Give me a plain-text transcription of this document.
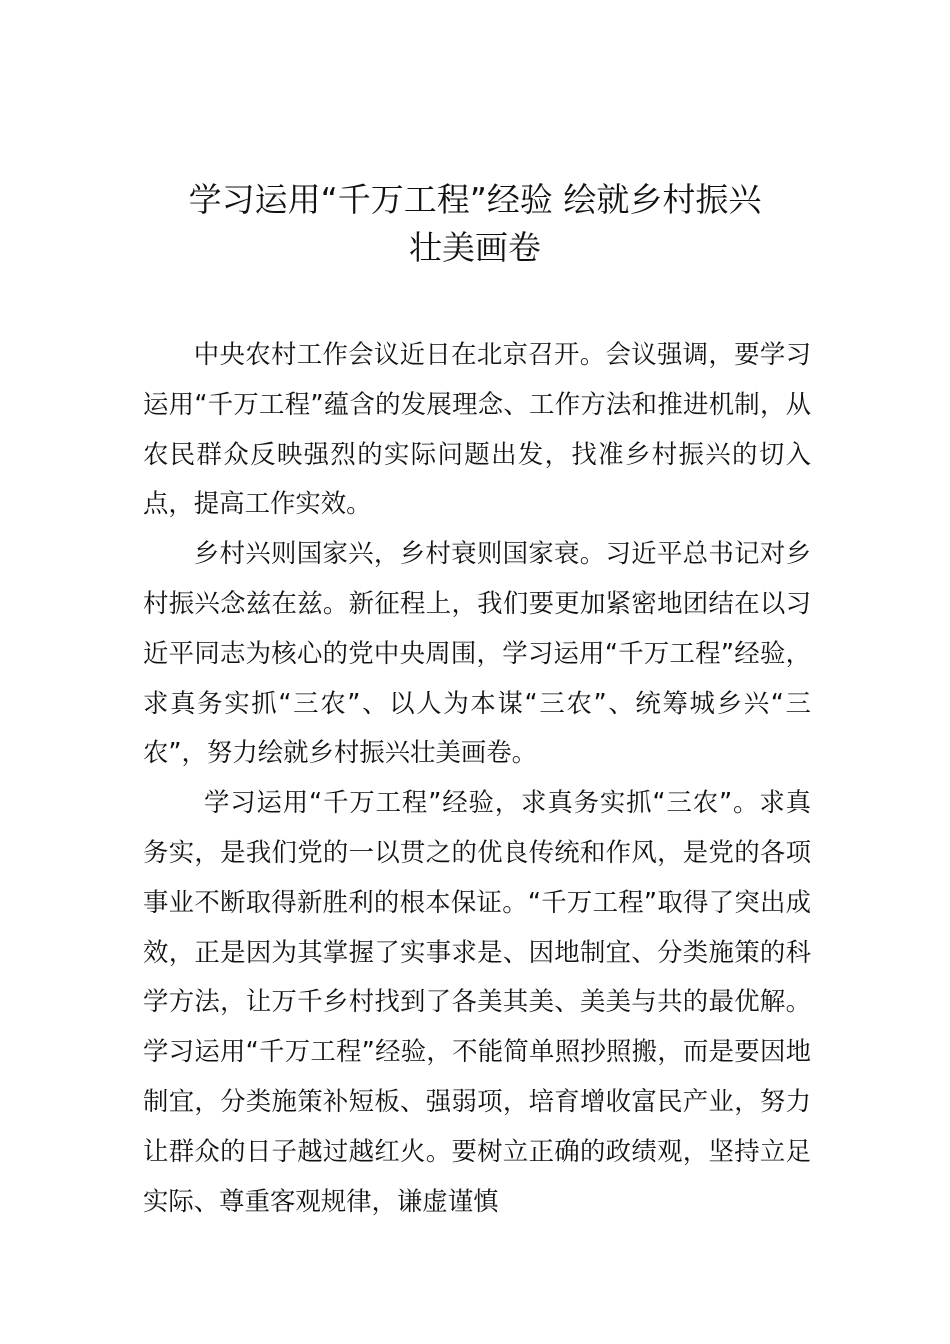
学习运用“千万工程”经验 绘就乡村振兴
壮美画卷

中央农村工作会议近日在北京召开。会议强调，要学习运用“千万工程”蕴含的发展理念、工作方法和推进机制，从农民群众反映强烈的实际问题出发，找准乡村振兴的切入点，提高工作实效。

乡村兴则国家兴，乡村衰则国家衰。习近平总书记对乡村振兴念兹在兹。新征程上，我们要更加紧密地团结在以习近平同志为核心的党中央周围，学习运用“千万工程”经验，求真务实抓“三农”、以人为本谋“三农”、统筹城乡兴“三农”，努力绘就乡村振兴壮美画卷。

学习运用“千万工程”经验，求真务实抓“三农”。求真务实，是我们党的一以贯之的优良传统和作风，是党的各项事业不断取得新胜利的根本保证。“千万工程”取得了突出成效，正是因为其掌握了实事求是、因地制宜、分类施策的科学方法，让万千乡村找到了各美其美、美美与共的最优解。学习运用“千万工程”经验，不能简单照抄照搬，而是要因地制宜，分类施策补短板、强弱项，培育增收富民产业，努力让群众的日子越过越红火。要树立正确的政绩观，坚持立足实际、尊重客观规律，谦虚谨慎
